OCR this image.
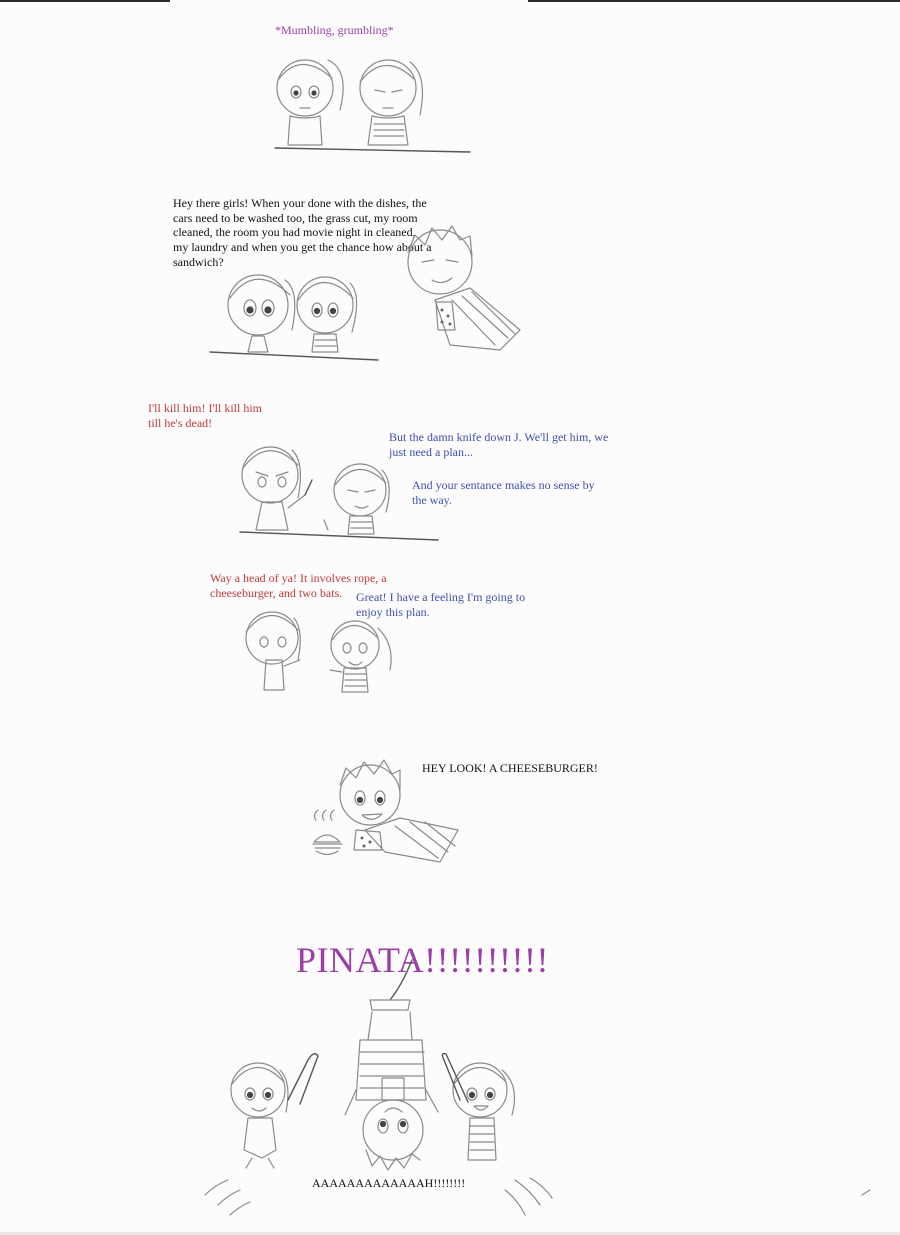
*Mumbling, grumbling*
Hey there girls! When your done with the dishes, the cars need to be washed too, the grass cut, my room cleaned, the room you had movie night in cleaned, my laundry and when you get the chance how about a sandwich?
I'll kill him! I'll kill him till he's dead!
But the damn knife down J. We'll get him, we just need a plan...
And your sentance makes no sense by the way.
Way a head of ya! It involves rope, a cheeseburger, and two bats.	Great! I have a feeling I'm going to enjoy this plan.
HEY LOOK! A CHEESEBURGER!
PINATA!!!!!!!!!!
AAAAAAAAAAAAAH!!!!!!!!
